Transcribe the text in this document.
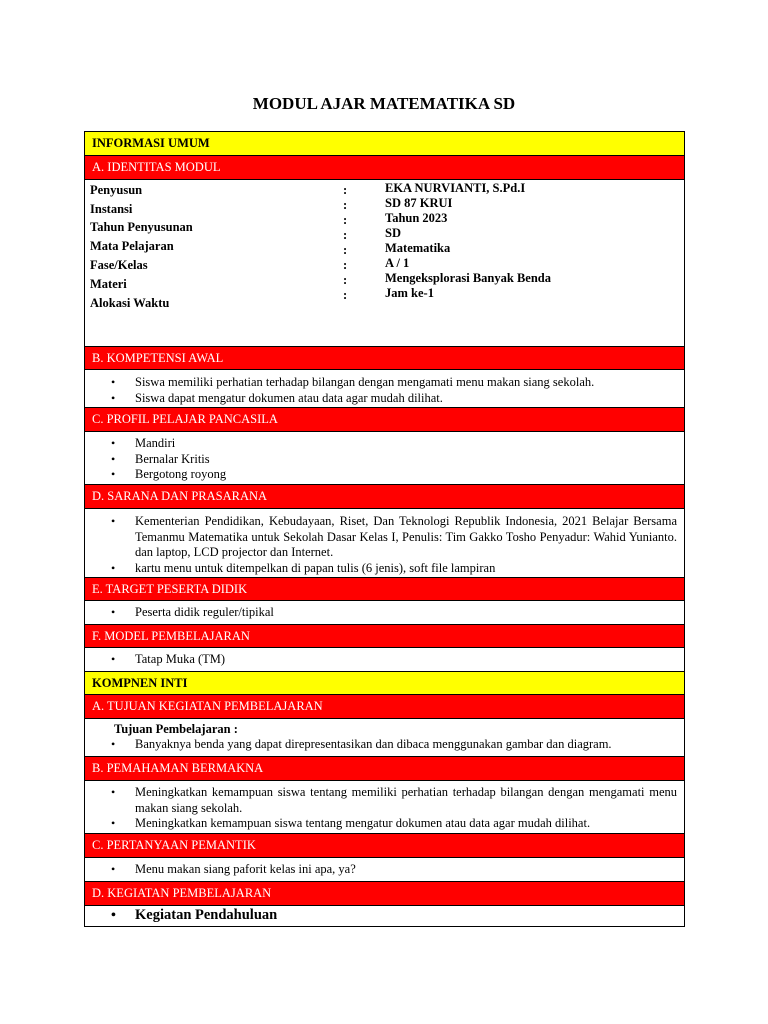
MODUL AJAR MATEMATIKA SD
INFORMASI UMUM
A. IDENTITAS MODUL
Penyusun
Instansi
Tahun Penyusunan
Mata Pelajaran
Fase/Kelas
Materi
Alokasi Waktu
:
:
:
:
:
:
:
:
EKA NURVIANTI, S.Pd.I
SD 87 KRUI
Tahun 2023
SD
Matematika
A / 1
Mengeksplorasi Banyak Benda
Jam ke-1
B. KOMPETENSI AWAL
• Siswa memiliki perhatian terhadap bilangan dengan mengamati menu makan siang sekolah.
• Siswa dapat mengatur dokumen atau data agar mudah dilihat.
C. PROFIL PELAJAR PANCASILA
• Mandiri
• Bernalar Kritis
• Bergotong royong
D. SARANA DAN PRASARANA
• Kementerian Pendidikan, Kebudayaan, Riset, Dan Teknologi Republik Indonesia, 2021 Belajar Bersama Temanmu Matematika untuk Sekolah Dasar Kelas I, Penulis: Tim Gakko Tosho Penyadur: Wahid Yunianto. dan laptop, LCD projector dan Internet.
• kartu menu untuk ditempelkan di papan tulis (6 jenis), soft file lampiran
E. TARGET PESERTA DIDIK
• Peserta didik reguler/tipikal
F. MODEL PEMBELAJARAN
• Tatap Muka (TM)
KOMPNEN INTI
A. TUJUAN KEGIATAN PEMBELAJARAN
Tujuan Pembelajaran :
• Banyaknya benda yang dapat direpresentasikan dan dibaca menggunakan gambar dan diagram.
B. PEMAHAMAN BERMAKNA
• Meningkatkan kemampuan siswa tentang memiliki perhatian terhadap bilangan dengan mengamati menu makan siang sekolah.
• Meningkatkan kemampuan siswa tentang mengatur dokumen atau data agar mudah dilihat.
C. PERTANYAAN PEMANTIK
• Menu makan siang paforit kelas ini apa, ya?
D. KEGIATAN PEMBELAJARAN
• Kegiatan Pendahuluan
